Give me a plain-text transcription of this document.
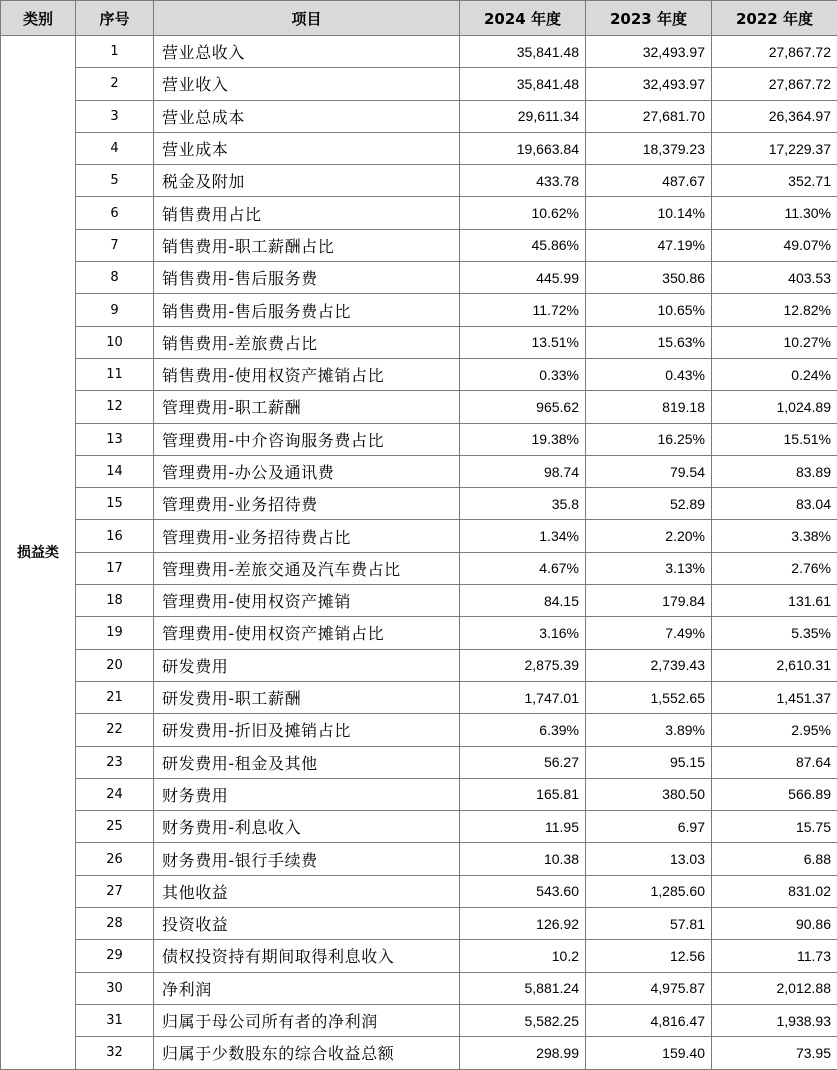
类别	序号	项目	2024 年度	2023 年度	2022 年度
损益类	1	营业总收入	35,841.48	32,493.97	27,867.72
	2	营业收入	35,841.48	32,493.97	27,867.72
	3	营业总成本	29,611.34	27,681.70	26,364.97
	4	营业成本	19,663.84	18,379.23	17,229.37
	5	税金及附加	433.78	487.67	352.71
	6	销售费用占比	10.62%	10.14%	11.30%
	7	销售费用-职工薪酬占比	45.86%	47.19%	49.07%
	8	销售费用-售后服务费	445.99	350.86	403.53
	9	销售费用-售后服务费占比	11.72%	10.65%	12.82%
	10	销售费用-差旅费占比	13.51%	15.63%	10.27%
	11	销售费用-使用权资产摊销占比	0.33%	0.43%	0.24%
	12	管理费用-职工薪酬	965.62	819.18	1,024.89
	13	管理费用-中介咨询服务费占比	19.38%	16.25%	15.51%
	14	管理费用-办公及通讯费	98.74	79.54	83.89
	15	管理费用-业务招待费	35.8	52.89	83.04
	16	管理费用-业务招待费占比	1.34%	2.20%	3.38%
	17	管理费用-差旅交通及汽车费占比	4.67%	3.13%	2.76%
	18	管理费用-使用权资产摊销	84.15	179.84	131.61
	19	管理费用-使用权资产摊销占比	3.16%	7.49%	5.35%
	20	研发费用	2,875.39	2,739.43	2,610.31
	21	研发费用-职工薪酬	1,747.01	1,552.65	1,451.37
	22	研发费用-折旧及摊销占比	6.39%	3.89%	2.95%
	23	研发费用-租金及其他	56.27	95.15	87.64
	24	财务费用	165.81	380.50	566.89
	25	财务费用-利息收入	11.95	6.97	15.75
	26	财务费用-银行手续费	10.38	13.03	6.88
	27	其他收益	543.60	1,285.60	831.02
	28	投资收益	126.92	57.81	90.86
	29	债权投资持有期间取得利息收入	10.2	12.56	11.73
	30	净利润	5,881.24	4,975.87	2,012.88
	31	归属于母公司所有者的净利润	5,582.25	4,816.47	1,938.93
	32	归属于少数股东的综合收益总额	298.99	159.40	73.95
